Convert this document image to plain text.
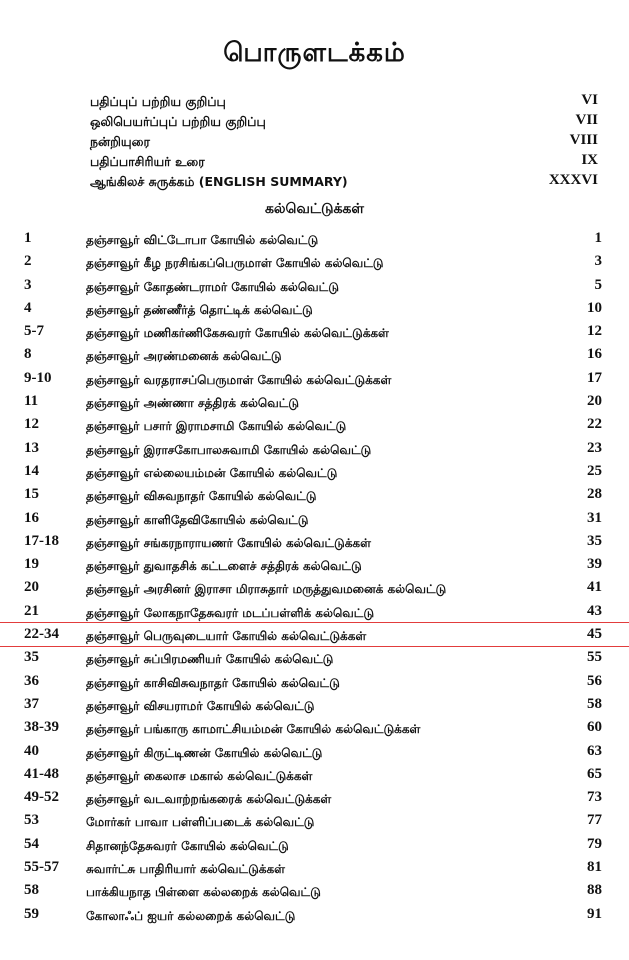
பொருளடக்கம்
பதிப்புப் பற்றிய குறிப்பு	VI
ஒலிபெயர்ப்புப் பற்றிய குறிப்பு	VII
நன்றியுரை	VIII
பதிப்பாசிரியர் உரை	IX
ஆங்கிலச் சுருக்கம் (ENGLISH SUMMARY)	XXXVI
கல்வெட்டுக்கள்
1	தஞ்சாவூர் விட்டோபா கோயில் கல்வெட்டு	1
2	தஞ்சாவூர் கீழ நரசிங்கப்பெருமாள் கோயில் கல்வெட்டு	3
3	தஞ்சாவூர் கோதண்டராமர் கோயில் கல்வெட்டு	5
4	தஞ்சாவூர் தண்ணீர்த் தொட்டிக் கல்வெட்டு	10
5-7	தஞ்சாவூர் மணிகர்ணிகேசுவரர் கோயில் கல்வெட்டுக்கள்	12
8	தஞ்சாவூர் அரண்மனைக் கல்வெட்டு	16
9-10	தஞ்சாவூர் வரதராசப்பெருமாள் கோயில் கல்வெட்டுக்கள்	17
11	தஞ்சாவூர் அண்ணா சத்திரக் கல்வெட்டு	20
12	தஞ்சாவூர் பசார் இராமசாமி கோயில் கல்வெட்டு	22
13	தஞ்சாவூர் இராசகோபாலசுவாமி கோயில் கல்வெட்டு	23
14	தஞ்சாவூர் எல்லையம்மன் கோயில் கல்வெட்டு	25
15	தஞ்சாவூர் விசுவநாதர் கோயில் கல்வெட்டு	28
16	தஞ்சாவூர் காளிதேவிகோயில் கல்வெட்டு	31
17-18 தஞ்சாவூர் சங்கரநாராயணர் கோயில் கல்வெட்டுக்கள்	35
19	தஞ்சாவூர் துவாதசிக் கட்டளைச் சத்திரக் கல்வெட்டு	39
20	தஞ்சாவூர் அரசினர் இராசா மிராசுதார் மருத்துவமனைக் கல்வெட்டு	41
21	தஞ்சாவூர் லோகநாதேசுவரர் மடப்பள்ளிக் கல்வெட்டு	43
22-34 தஞ்சாவூர் பெருவுடையார் கோயில் கல்வெட்டுக்கள்	45
35	தஞ்சாவூர் சுப்பிரமணியர் கோயில் கல்வெட்டு	55
36	தஞ்சாவூர் காசிவிசுவநாதர் கோயில் கல்வெட்டு	56
37	தஞ்சாவூர் விசயராமர் கோயில் கல்வெட்டு	58
38-39 தஞ்சாவூர் பங்காரு காமாட்சியம்மன் கோயில் கல்வெட்டுக்கள்	60
40	தஞ்சாவூர் கிருட்டிணன் கோயில் கல்வெட்டு	63
41-48 தஞ்சாவூர் கைலாச மகால் கல்வெட்டுக்கள்	65
49-52 தஞ்சாவூர் வடவாற்றங்கரைக் கல்வெட்டுக்கள்	73
53	மோர்கர் பாவா பள்ளிப்படைக் கல்வெட்டு	77
54	சிதானந்தேசுவரர் கோயில் கல்வெட்டு	79
55-57 சுவார்ட்சு பாதிரியார் கல்வெட்டுக்கள்	81
58	பாக்கியநாத பிள்ளை கல்லறைக் கல்வெட்டு	88
59	கோலாஃப் ஐயர் கல்லறைக் கல்வெட்டு	91
